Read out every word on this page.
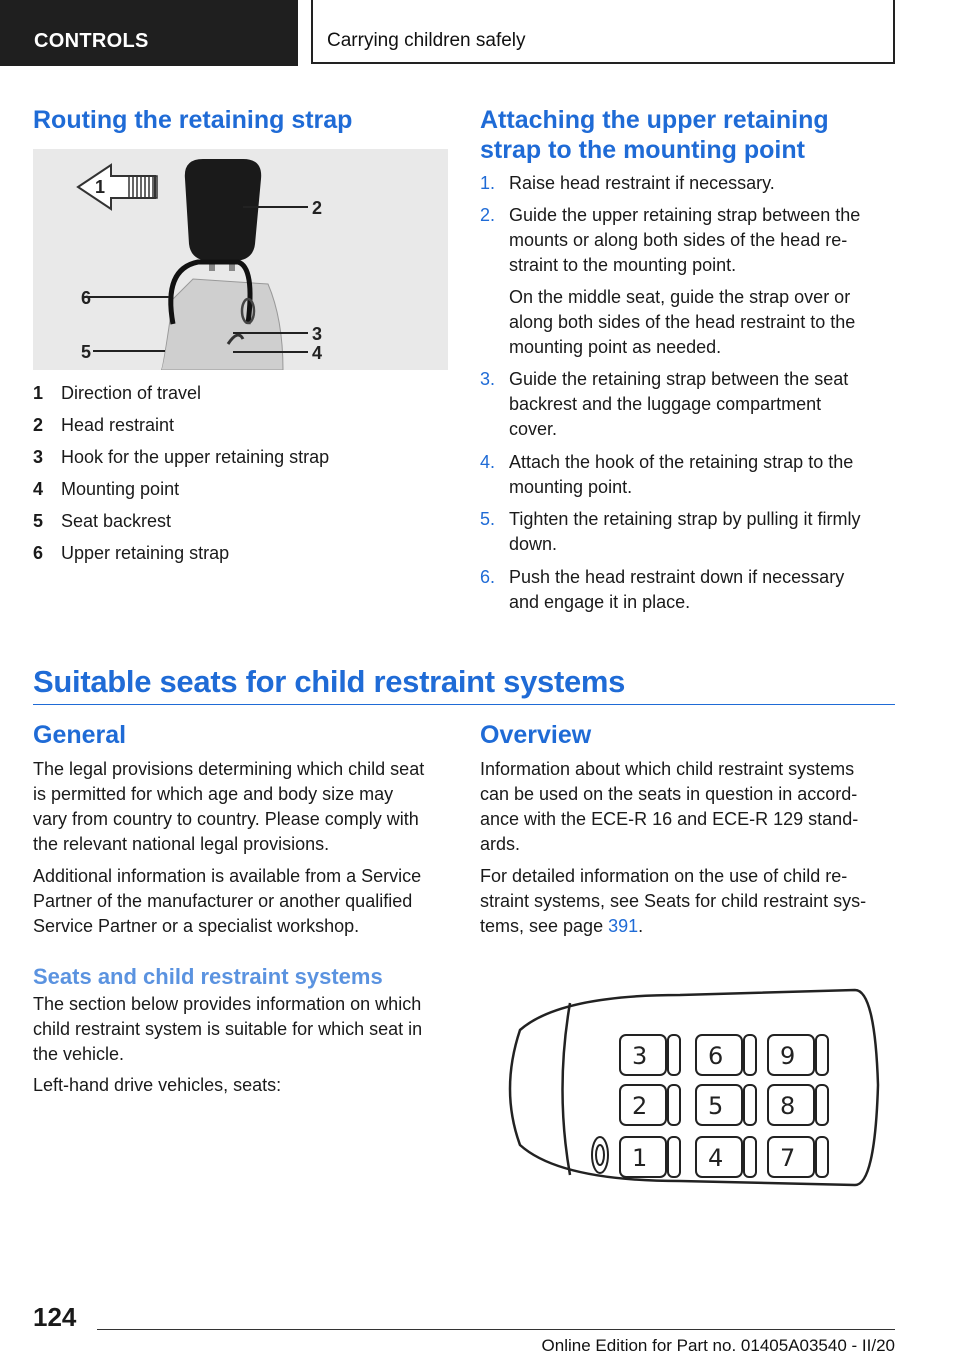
CONTROLS	Carrying children safely
Routing the retaining strap
1
2
6
3
5	4
1 Direction of travel
2 Head restraint
3 Hook for the upper retaining strap
4 Mounting point
5 Seat backrest
6 Upper retaining strap
Attaching the upper retaining
strap to the mounting point
1. Raise head restraint if necessary.
2. Guide the upper retaining strap between the
mounts or along both sides of the head re‐
straint to the mounting point.
On the middle seat, guide the strap over or
along both sides of the head restraint to the
mounting point as needed.
3. Guide the retaining strap between the seat
backrest and the luggage compartment
cover.
4. Attach the hook of the retaining strap to the
mounting point.
5. Tighten the retaining strap by pulling it firmly
down.
6. Push the head restraint down if necessary
and engage it in place.
Suitable seats for child restraint systems
General

The legal provisions determining which child seat
is permitted for which age and body size may
vary from country to country. Please comply with
the relevant national legal provisions.

Additional information is available from a Service
Partner of the manufacturer or another qualified
Service Partner or a specialist workshop.

Seats and child restraint systems

The section below provides information on which
child restraint system is suitable for which seat in
the vehicle.

Left-hand drive vehicles, seats:

Overview

Information about which child restraint systems
can be used on the seats in question in accord‐
ance with the ECE-R 16 and ECE-R 129 stand‐
ards.

For detailed information on the use of child re‐
straint systems, see Seats for child restraint sys‐
tems, see page 391.

3	6 9
2	5 8
1	4 7
124
Online Edition for Part no. 01405A03540 - II/20
